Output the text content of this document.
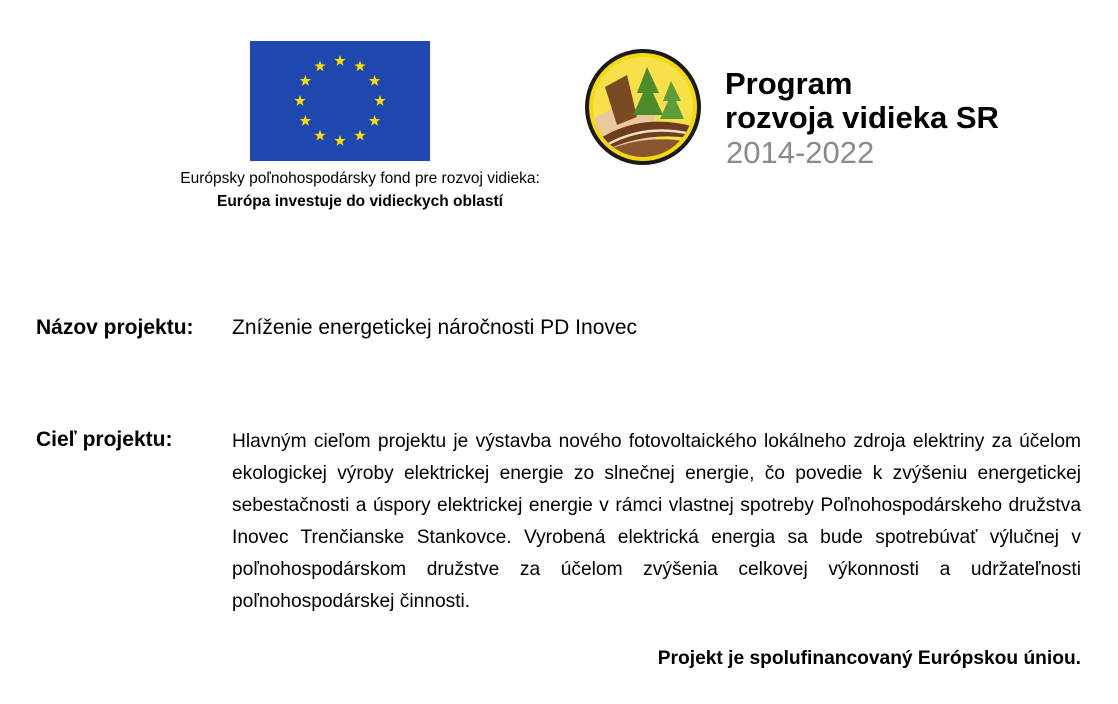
Európsky poľnohospodársky fond pre rozvoj vidieka:
Európa investuje do vidieckych oblastí
Program
rozvoja vidieka SR
2014-2022
Názov projektu: Zníženie energetickej náročnosti PD Inovec
Cieľ projektu:	Hlavným cieľom projektu je výstavba nového fotovoltaického lokálneho zdroja elektriny za účelom ekologickej výroby elektrickej energie zo slnečnej energie, čo povedie k zvýšeniu energetickej sebestačnosti a úspory elektrickej energie v rámci vlastnej spotreby Poľnohospodárskeho družstva Inovec Trenčianske Stankovce. Vyrobená elektrická energia sa bude spotrebúvať výlučnej v poľnohospodárskom družstve za účelom zvýšenia celkovej výkonnosti a udržateľnosti poľnohospodárskej činnosti.
Projekt je spolufinancovaný Európskou úniou.
